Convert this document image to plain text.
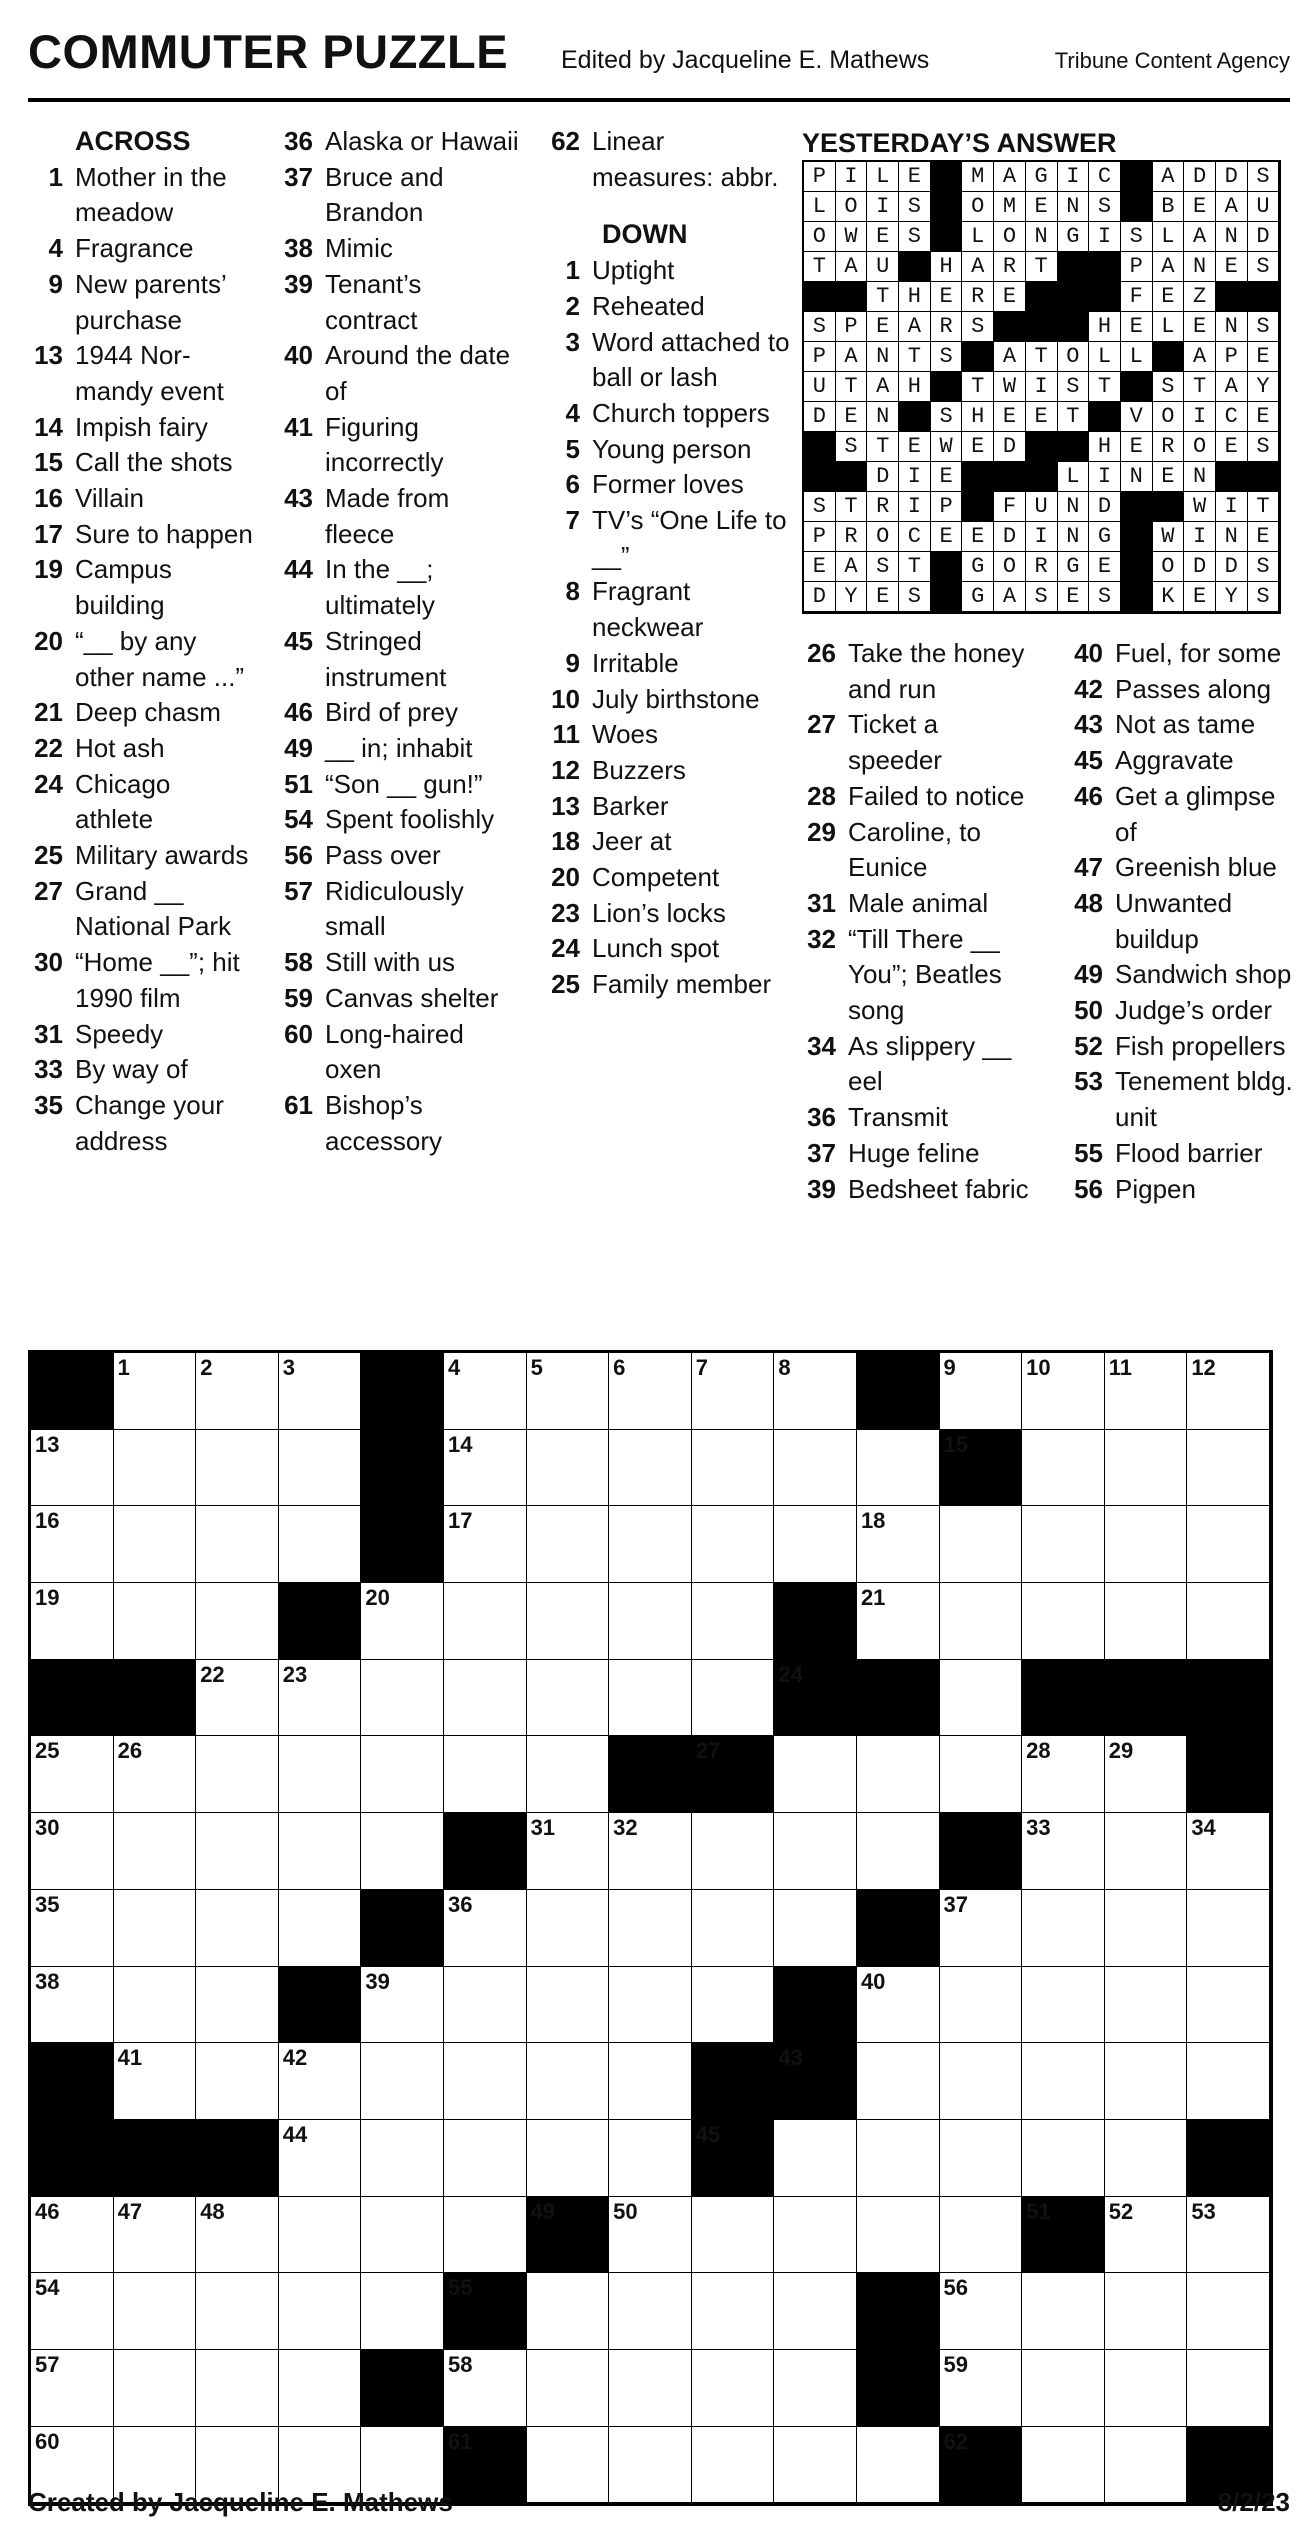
COMMUTER PUZZLE Edited by Jacqueline E. Mathews	Tribune Content Agency
ACROSS
1 Mother in the meadow
4 Fragrance
9 New parents’ purchase
13 1944 Nor-mandy event
14 Impish fairy
15 Call the shots
16 Villain
17 Sure to happen
19 Campus building
20 “__ by any other name ...”
21 Deep chasm
22 Hot ash
24 Chicago athlete
25 Military awards
27 Grand __ National Park
30 “Home __”; hit 1990 film
31 Speedy
33 By way of
35 Change your address
36 Alaska or Hawaii
37 Bruce and Brandon
38 Mimic
39 Tenant’s contract
40 Around the date of
41 Figuring incorrectly
43 Made from fleece
44 In the __; ultimately
45 Stringed instrument
46 Bird of prey
49 __ in; inhabit
51 “Son __ gun!”
54 Spent foolishly
56 Pass over
57 Ridiculously small
58 Still with us
59 Canvas shelter
60 Long-haired oxen
61 Bishop’s accessory
62 Linear measures: abbr.
DOWN
1 Uptight
2 Reheated
3 Word attached to ball or lash
4 Church toppers
5 Young person
6 Former loves
7 TV’s “One Life to __”
8 Fragrant neckwear
9 Irritable
10 July birthstone
11 Woes
12 Buzzers
13 Barker
18 Jeer at
20 Competent
23 Lion’s locks
24 Lunch spot
25 Family member
26 Take the honey and run
27 Ticket a speeder
28 Failed to notice
29 Caroline, to Eunice
31 Male animal
32 “Till There __ You”; Beatles song
34 As slippery __ eel
36 Transmit
37 Huge feline
39 Bedsheet fabric
40 Fuel, for some
42 Passes along
43 Not as tame
45 Aggravate
46 Get a glimpse of
47 Greenish blue
48 Unwanted buildup
49 Sandwich shop
50 Judge’s order
52 Fish propellers
53 Tenement bldg. unit
55 Flood barrier
56 Pigpen
YESTERDAY’S ANSWER
P I L E	M A G I C	A D D S
L O I S	O M E N S	B E A U
O W E S	L O N G I S L A N D
T A U	H A R T	P A N E S
T H E R E	F E Z
S P E A R S	H E L E N S
P A N T S	A T O L L	A P E
U T A H	T W I S T	S T A Y
D E N	S H E E T	V O I C E
S T E W E D	H E R O E S
D I E	L I N E N
S T R I P	F U N D	W I T
P R O C E E D I N G	W I N E
E A S T	G O R G E	O D D S
D Y E S	G A S E S	K E Y S
1	2	3	4	5	6	7	8	9	10	11	12
13	14	15
16	17	18
19	20	21
22	23	24
25	26	27	28	29
30	31	32	33	34
35	36	37
38	39	40
41	42	43
44	45
46	47	48	49	50	51	52	53
54	55	56
57	58	59
60	61	62
Created by Jacqueline E. Mathews	8/2/23
